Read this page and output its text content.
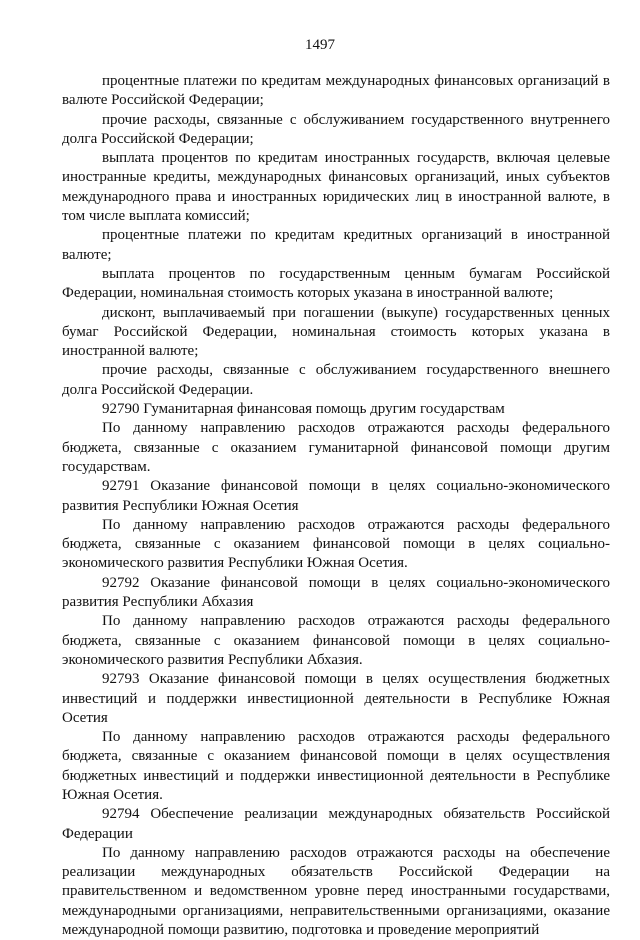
1497

процентные платежи по кредитам международных финансовых организаций в валюте Российской Федерации;

прочие расходы, связанные с обслуживанием государственного внутреннего долга Российской Федерации;

выплата процентов по кредитам иностранных государств, включая целевые иностранные кредиты, международных финансовых организаций, иных субъектов международного права и иностранных юридических лиц в иностранной валюте, в том числе выплата комиссий;

процентные платежи по кредитам кредитных организаций в иностранной валюте;

выплата процентов по государственным ценным бумагам Российской Федерации, номинальная стоимость которых указана в иностранной валюте;

дисконт, выплачиваемый при погашении (выкупе) государственных ценных бумаг Российской Федерации, номинальная стоимость которых указана в иностранной валюте;

прочие расходы, связанные с обслуживанием государственного внешнего долга Российской Федерации.

92790 Гуманитарная финансовая помощь другим государствам

По данному направлению расходов отражаются расходы федерального бюджета, связанные с оказанием гуманитарной финансовой помощи другим государствам.

92791 Оказание финансовой помощи в целях социально-экономического развития Республики Южная Осетия

По данному направлению расходов отражаются расходы федерального бюджета, связанные с оказанием финансовой помощи в целях социально-экономического развития Республики Южная Осетия.

92792 Оказание финансовой помощи в целях социально-экономического развития Республики Абхазия

По данному направлению расходов отражаются расходы федерального бюджета, связанные с оказанием финансовой помощи в целях социально-экономического развития Республики Абхазия.

92793 Оказание финансовой помощи в целях осуществления бюджетных инвестиций и поддержки инвестиционной деятельности в Республике Южная Осетия

По данному направлению расходов отражаются расходы федерального бюджета, связанные с оказанием финансовой помощи в целях осуществления бюджетных инвестиций и поддержки инвестиционной деятельности в Республике Южная Осетия.

92794 Обеспечение реализации международных обязательств Российской Федерации

По данному направлению расходов отражаются расходы на обеспечение реализации международных обязательств Российской Федерации на правительственном и ведомственном уровне перед иностранными государствами, международными организациями, неправительственными организациями, оказание международной помощи развитию, подготовка и проведение мероприятий
